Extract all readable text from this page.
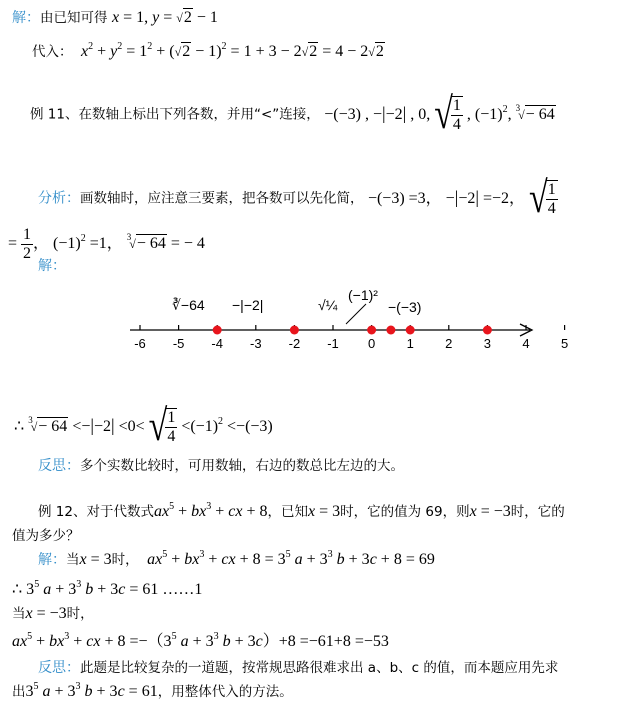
解：由已知可得 x = 1, y = √2 − 1
代入： $x^2 + y^2 = 1^2 + (√2 - 1)^2 = 1 + 3 - 2√2 = 4 - 2√2$
例 11、在数轴上标出下列各数，并用“<”连接， −(−3) , −|−2| , 0, √
$\frac{1}{4}$ , $(-1)^2$, $^3$√− 64
分析：画数轴时，应注意三要素，把各数可以先化简， −(−3) =3， −|−2| =−2， √
$\frac{1}{4}$
= $\frac{1}{2}$ ， $(-1)^2 =1$， $^3$√− 64 = − 4
解：
∛−64 −|−2|	√¼
(−1)²
−(−3)
-6 -5 -4 -3 -2 -1 0 1 2 3 4 5
∴ $^3$√− 64 <−|−2| <0< √
$\frac{1}{4} <(-1)^2 <-(-3)$
反思：多个实数比较时，可用数轴，右边的数总比左边的大。
例 12、对于代数式$ax^5 + bx^3$ + cx + 8，已知x = 3时，它的值为 69，则x = −3时，它的
值为多少？
解：当x = 3时， $ax^5 + bx^3$ + cx + $8 = 3^5$ $a + 3^3$ b + 3c + 8 = 69
∴ $3^5$ $a + 3^3$ b + 3c = 61 ……1
当x = −3时，
$ax^5 + bx^3$ + cx + $8 =-(3^5$ $a + 3^3$ b + 3c）+8 =−61+8 =−53
反思：此题是比较复杂的一道题，按常规思路很难求出 a、b、c 的值，而本题应用先求
出$3^5$ $a + 3^3$ b + 3c = 61，用整体代入的方法。
